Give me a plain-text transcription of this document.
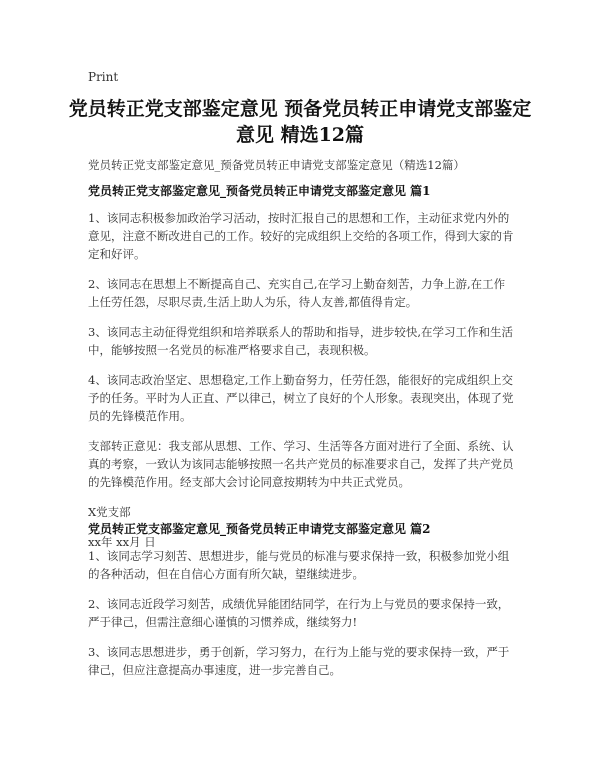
Print
党员转正党支部鉴定意见 预备党员转正申请党支部鉴定意见 精选12篇
党员转正党支部鉴定意见_预备党员转正申请党支部鉴定意见（精选12篇）
党员转正党支部鉴定意见_预备党员转正申请党支部鉴定意见 篇1

1、该同志积极参加政治学习活动，按时汇报自己的思想和工作，主动征求党内外的意见，注意不断改进自己的工作。较好的完成组织上交给的各项工作，得到大家的肯定和好评。

2、该同志在思想上不断提高自己、充实自己,在学习上勤奋刻苦，力争上游,在工作上任劳任怨，尽职尽责,生活上助人为乐，待人友善,都值得肯定。

3、该同志主动征得党组织和培养联系人的帮助和指导，进步较快,在学习工作和生活中，能够按照一名党员的标准严格要求自己，表现积极。

4、该同志政治坚定、思想稳定,工作上勤奋努力，任劳任怨，能很好的完成组织上交予的任务。平时为人正直、严以律己，树立了良好的个人形象。表现突出，体现了党员的先锋模范作用。

支部转正意见：我支部从思想、工作、学习、生活等各方面对进行了全面、系统、认真的考察，一致认为该同志能够按照一名共产党员的标准要求自己，发挥了共产党员的先锋模范作用。经支部大会讨论同意按期转为中共正式党员。

X党支部

xx年 xx月 日

党员转正党支部鉴定意见_预备党员转正申请党支部鉴定意见 篇2

1、该同志学习刻苦、思想进步，能与党员的标准与要求保持一致，积极参加党小组的各种活动，但在自信心方面有所欠缺，望继续进步。

2、该同志近段学习刻苦，成绩优异能团结同学，在行为上与党员的要求保持一致，严于律己，但需注意细心谨慎的习惯养成，继续努力!

3、该同志思想进步，勇于创新，学习努力，在行为上能与党的要求保持一致，严于律己，但应注意提高办事速度，进一步完善自己。
